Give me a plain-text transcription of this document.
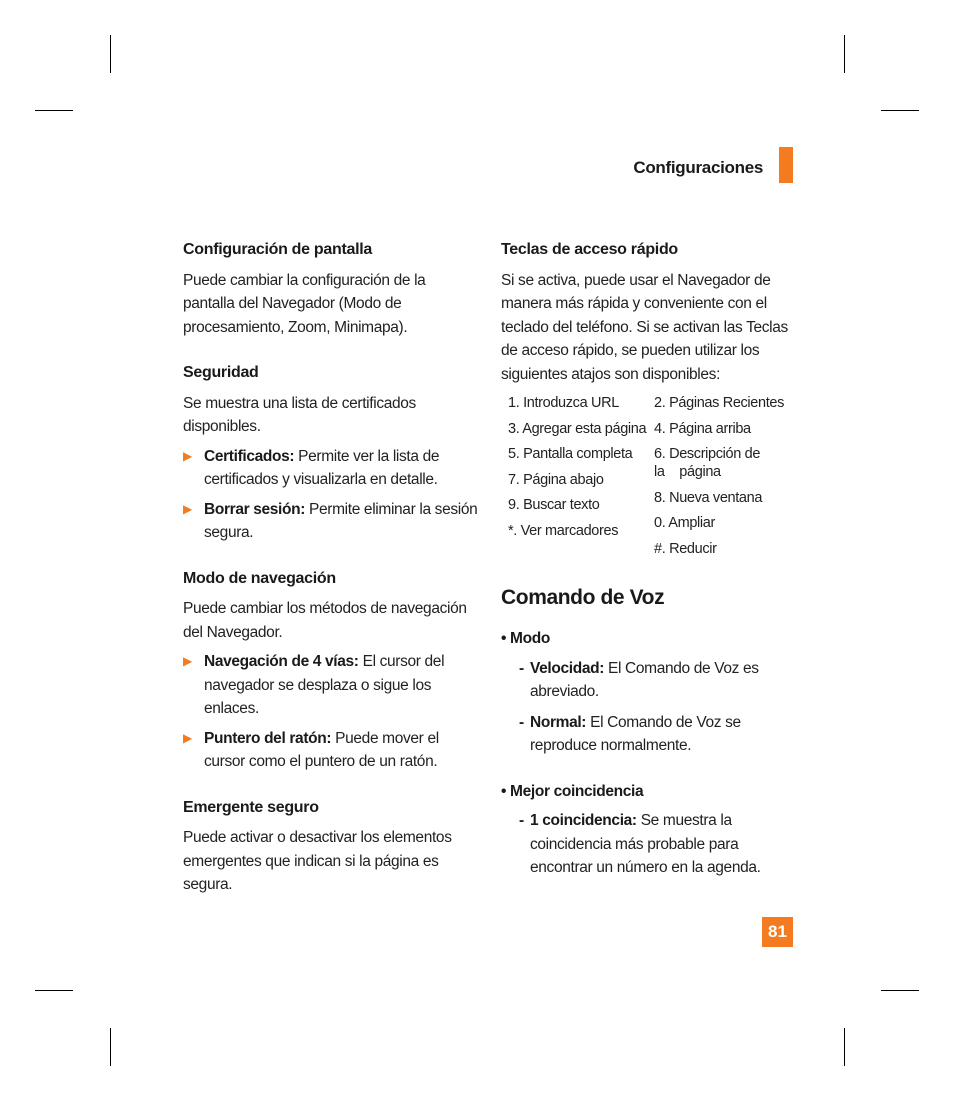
Configuraciones
Configuración de pantalla

Puede cambiar la configuración de la pantalla del Navegador (Modo de procesamiento, Zoom, Minimapa).

Seguridad

Se muestra una lista de certificados disponibles.

▶ Certificados: Permite ver la lista de certificados y visualizarla en detalle.
▶ Borrar sesión: Permite eliminar la sesión segura.
Modo de navegación

Puede cambiar los métodos de navegación del Navegador.

▶ Navegación de 4 vías: El cursor del navegador se desplaza o sigue los enlaces.
▶ Puntero del ratón: Puede mover el cursor como el puntero de un ratón.
Emergente seguro

Puede activar o desactivar los elementos emergentes que indican si la página es segura.

Teclas de acceso rápido

Si se activa, puede usar el Navegador de manera más rápida y conveniente con el teclado del teléfono. Si se activan las Teclas de acceso rápido, se pueden utilizar los siguientes atajos son disponibles:

1. Introduzca URL
3. Agregar esta página
5. Pantalla completa
7. Página abajo
9. Buscar texto
*. Ver marcadores
2. Páginas Recientes
4. Página arriba
6. Descripción de la    página
8. Nueva ventana
0. Ampliar
#. Reducir
Comando de Voz
• Modo
- Velocidad: El Comando de Voz es abreviado.
- Normal: El Comando de Voz se reproduce normalmente.
• Mejor coincidencia
- 1 coincidencia: Se muestra la coincidencia más probable para encontrar un número en la agenda.
81
